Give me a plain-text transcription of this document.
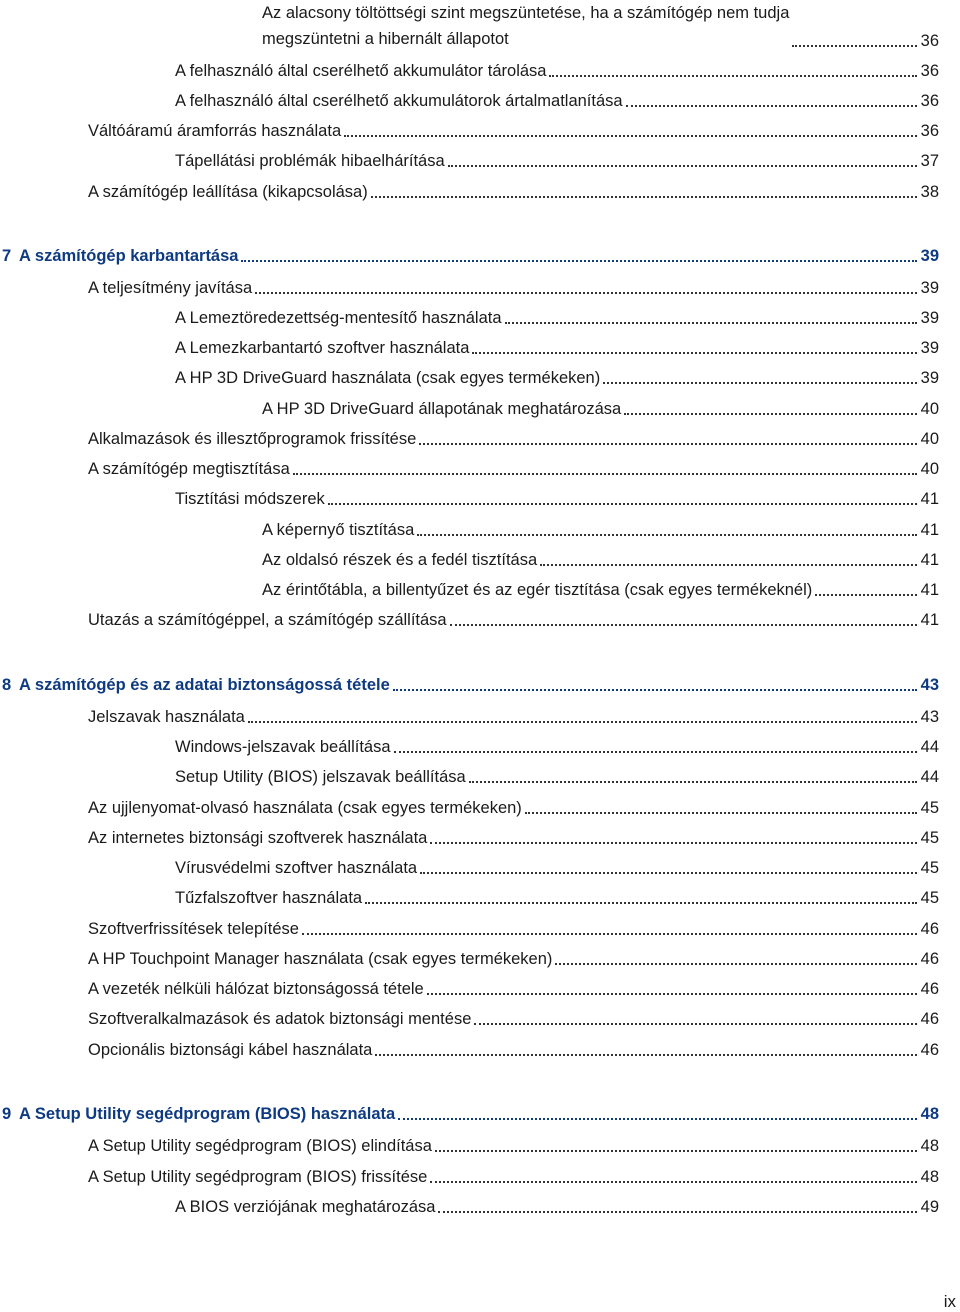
Az alacsony töltöttségi szint megszüntetése, ha a számítógép nem tudja
megszüntetni a hibernált állapotot	36
A felhasználó által cserélhető akkumulátor tárolása	36
A felhasználó által cserélhető akkumulátorok ártalmatlanítása	36
Váltóáramú áramforrás használata	36
Tápellátási problémák hibaelhárítása	37
A számítógép leállítása (kikapcsolása)	38
7 A számítógép karbantartása	39
A teljesítmény javítása	39
A Lemeztöredezettség-mentesítő használata	39
A Lemezkarbantartó szoftver használata	39
A HP 3D DriveGuard használata (csak egyes termékeken)	39
A HP 3D DriveGuard állapotának meghatározása	40
Alkalmazások és illesztőprogramok frissítése	40
A számítógép megtisztítása	40
Tisztítási módszerek	41
A képernyő tisztítása	41
Az oldalsó részek és a fedél tisztítása	41
Az érintőtábla, a billentyűzet és az egér tisztítása (csak egyes termékeknél)	41
Utazás a számítógéppel, a számítógép szállítása	41
8 A számítógép és az adatai biztonságossá tétele	43
Jelszavak használata	43
Windows-jelszavak beállítása	44
Setup Utility (BIOS) jelszavak beállítása	44
Az ujjlenyomat-olvasó használata (csak egyes termékeken)	45
Az internetes biztonsági szoftverek használata	45
Vírusvédelmi szoftver használata	45
Tűzfalszoftver használata	45
Szoftverfrissítések telepítése	46
A HP Touchpoint Manager használata (csak egyes termékeken)	46
A vezeték nélküli hálózat biztonságossá tétele	46
Szoftveralkalmazások és adatok biztonsági mentése	46
Opcionális biztonsági kábel használata	46
9 A Setup Utility segédprogram (BIOS) használata	48
A Setup Utility segédprogram (BIOS) elindítása	48
A Setup Utility segédprogram (BIOS) frissítése	48
A BIOS verziójának meghatározása	49
ix
